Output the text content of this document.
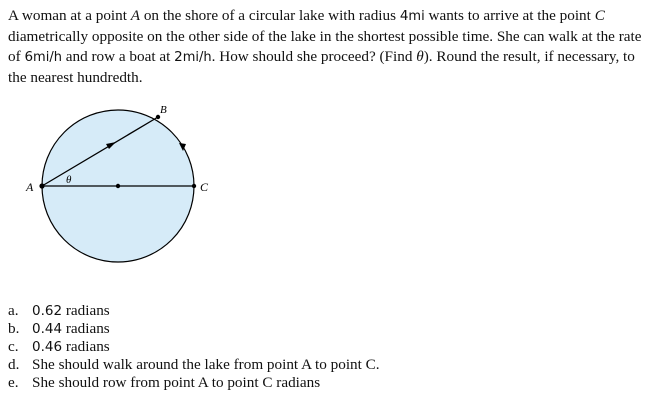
A woman at a point A on the shore of a circular lake with radius 4mi wants to arrive at the point C diametrically opposite on the other side of the lake in the shortest possible time. She can walk at the rate of 6mi/h and row a boat at 2mi/h. How should she proceed? (Find θ). Round the result, if necessary, to the nearest hundredth.

A
B
C
θ
a. 0.62 radians
b. 0.44 radians
c. 0.46 radians
d. She should walk around the lake from point A to point C.
e. She should row from point A to point C radians
